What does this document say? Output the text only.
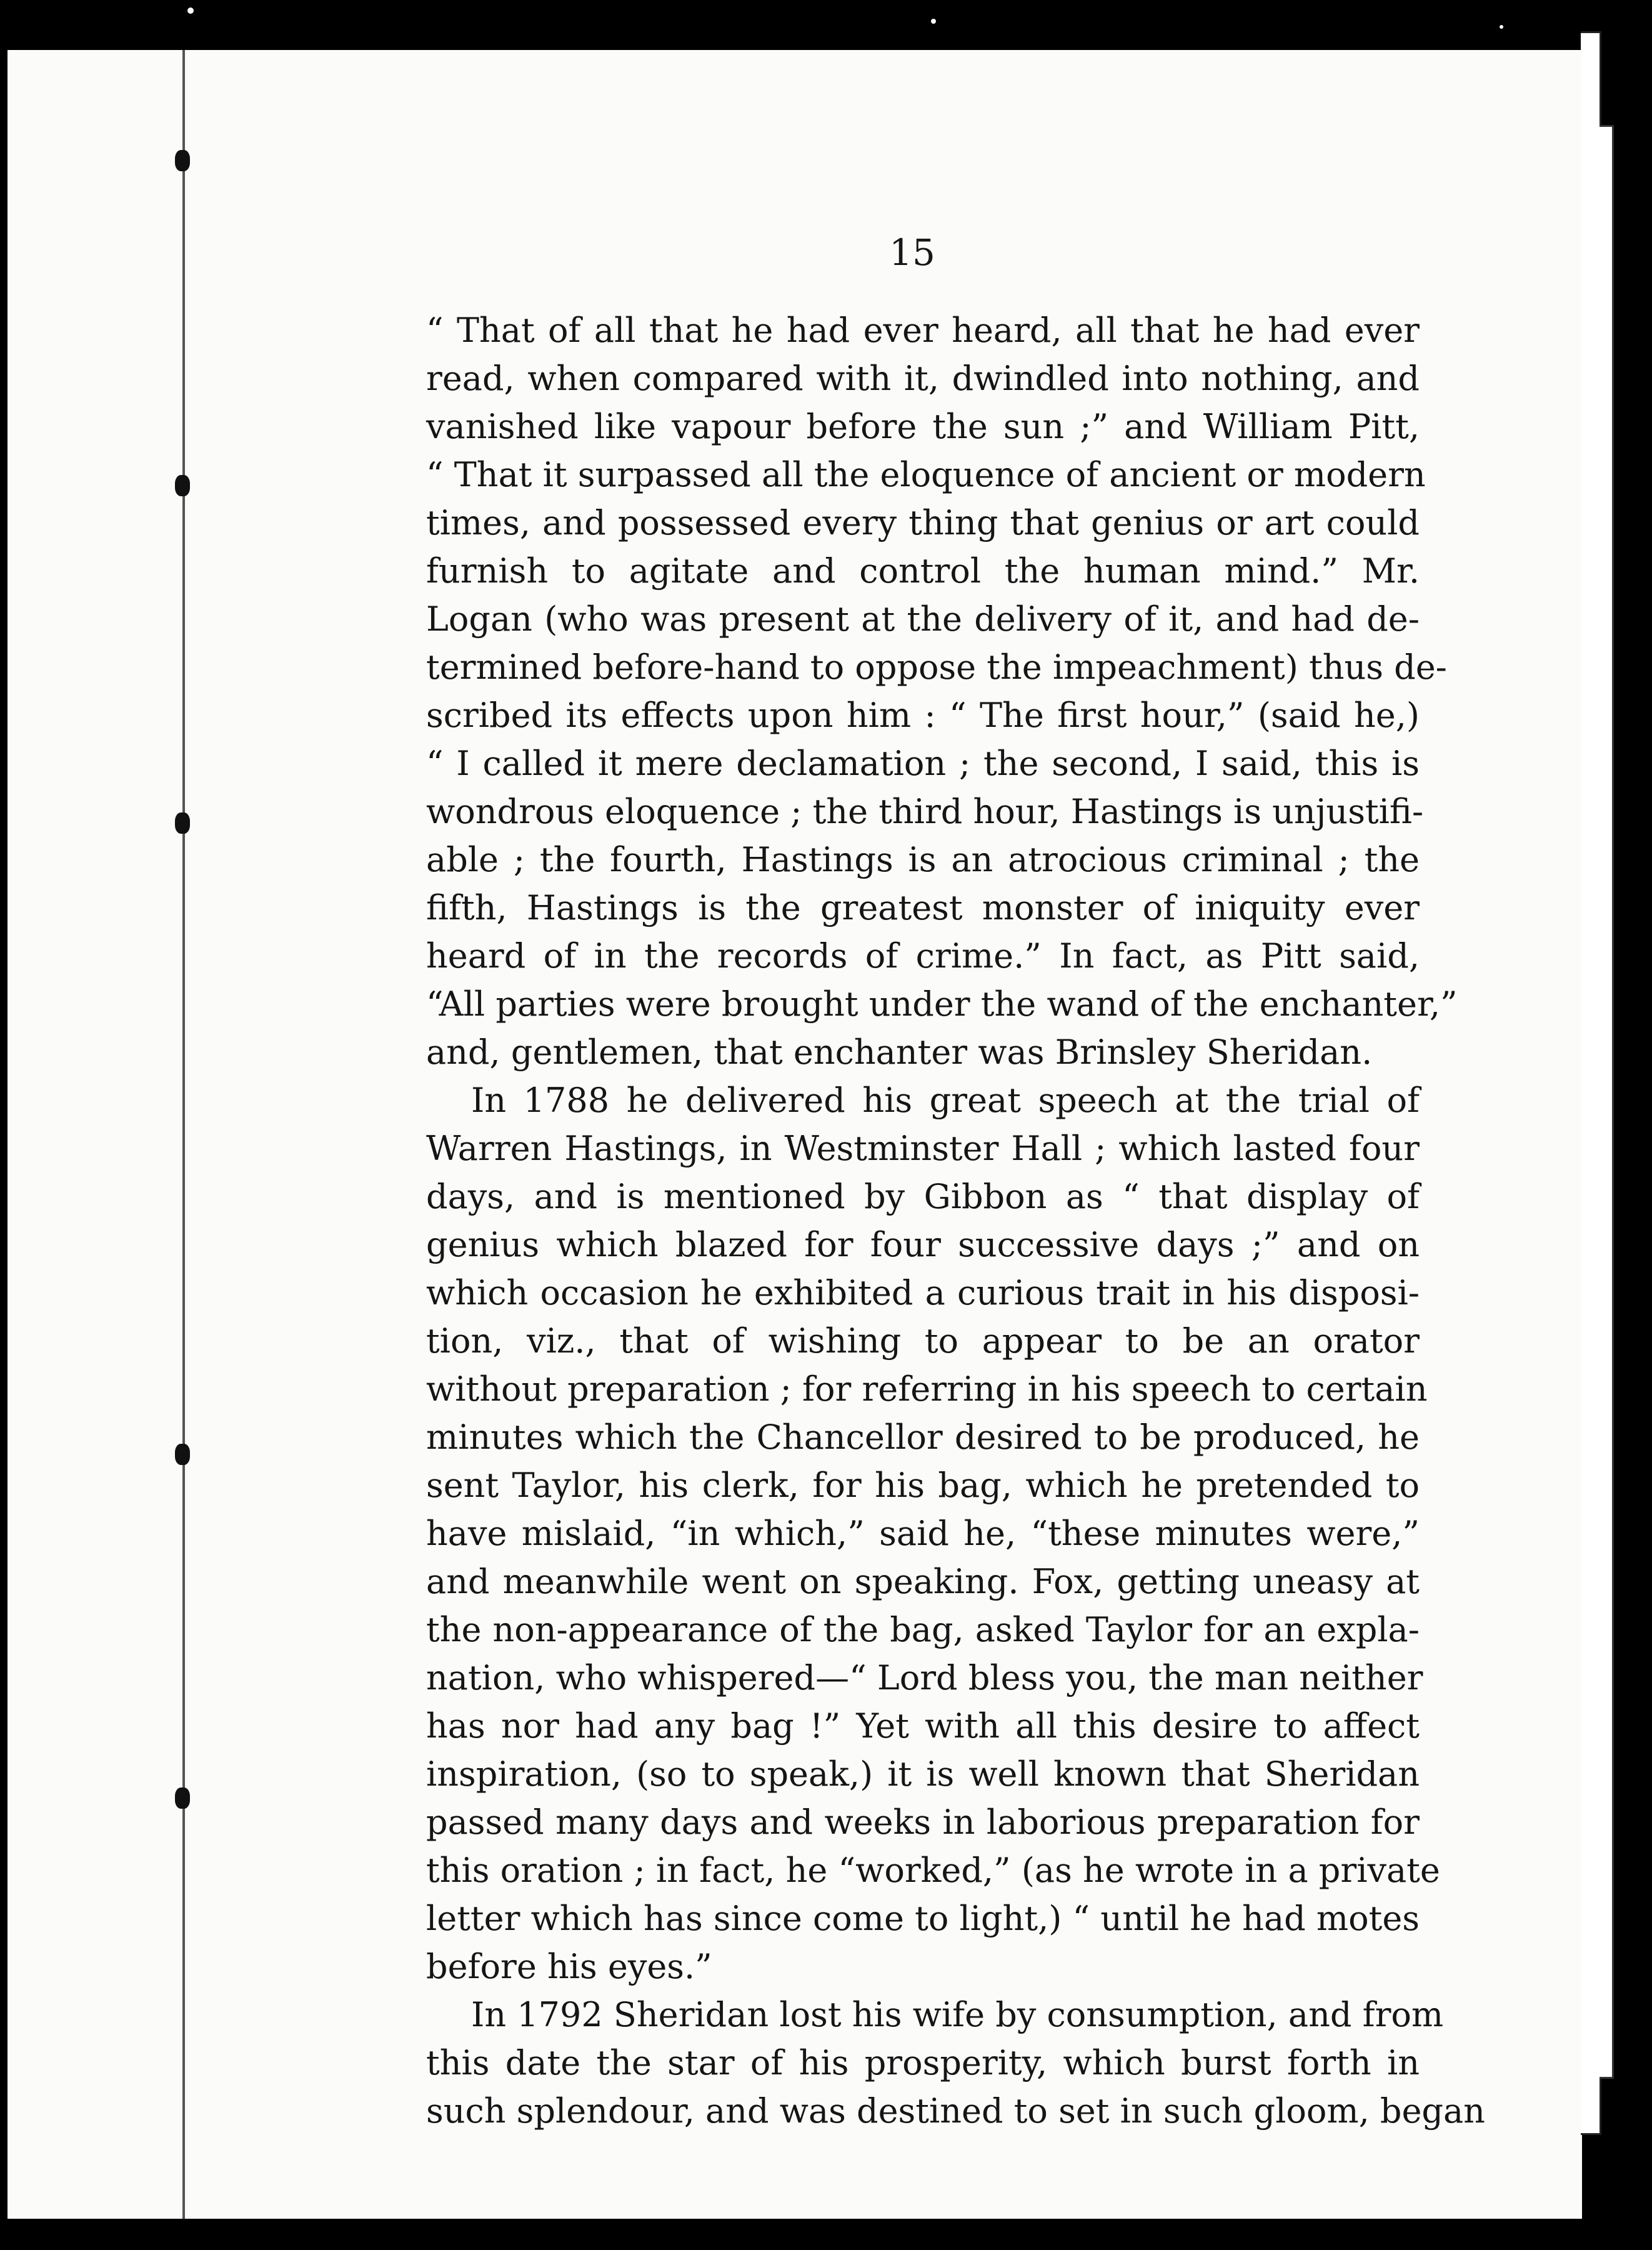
15

“ That of all that he had ever heard, all that he had ever
read, when compared with it, dwindled into nothing, and
vanished like vapour before the sun ;” and William Pitt,
“ That it surpassed all the eloquence of ancient or modern
times, and possessed every thing that genius or art could
furnish to agitate and control the human mind.” Mr.
Logan (who was present at the delivery of it, and had de-
termined before-hand to oppose the impeachment) thus de-
scribed its effects upon him : “ The first hour,” (said he,)
“ I called it mere declamation ; the second, I said, this is
wondrous eloquence ; the third hour, Hastings is unjustifi-
able ; the fourth, Hastings is an atrocious criminal ; the
fifth, Hastings is the greatest monster of iniquity ever
heard of in the records of crime.” In fact, as Pitt said,
“All parties were brought under the wand of the enchanter,”
and, gentlemen, that enchanter was Brinsley Sheridan.
In 1788 he delivered his great speech at the trial of
Warren Hastings, in Westminster Hall ; which lasted four
days, and is mentioned by Gibbon as “ that display of
genius which blazed for four successive days ;” and on
which occasion he exhibited a curious trait in his disposi-
tion, viz., that of wishing to appear to be an orator
without preparation ; for referring in his speech to certain
minutes which the Chancellor desired to be produced, he
sent Taylor, his clerk, for his bag, which he pretended to
have mislaid, “in which,” said he, “these minutes were,”
and meanwhile went on speaking. Fox, getting uneasy at
the non-appearance of the bag, asked Taylor for an expla-
nation, who whispered—“ Lord bless you, the man neither
has nor had any bag !” Yet with all this desire to affect
inspiration, (so to speak,) it is well known that Sheridan
passed many days and weeks in laborious preparation for
this oration ; in fact, he “worked,” (as he wrote in a private
letter which has since come to light,) “ until he had motes
before his eyes.”
In 1792 Sheridan lost his wife by consumption, and from
this date the star of his prosperity, which burst forth in
such splendour, and was destined to set in such gloom, began
